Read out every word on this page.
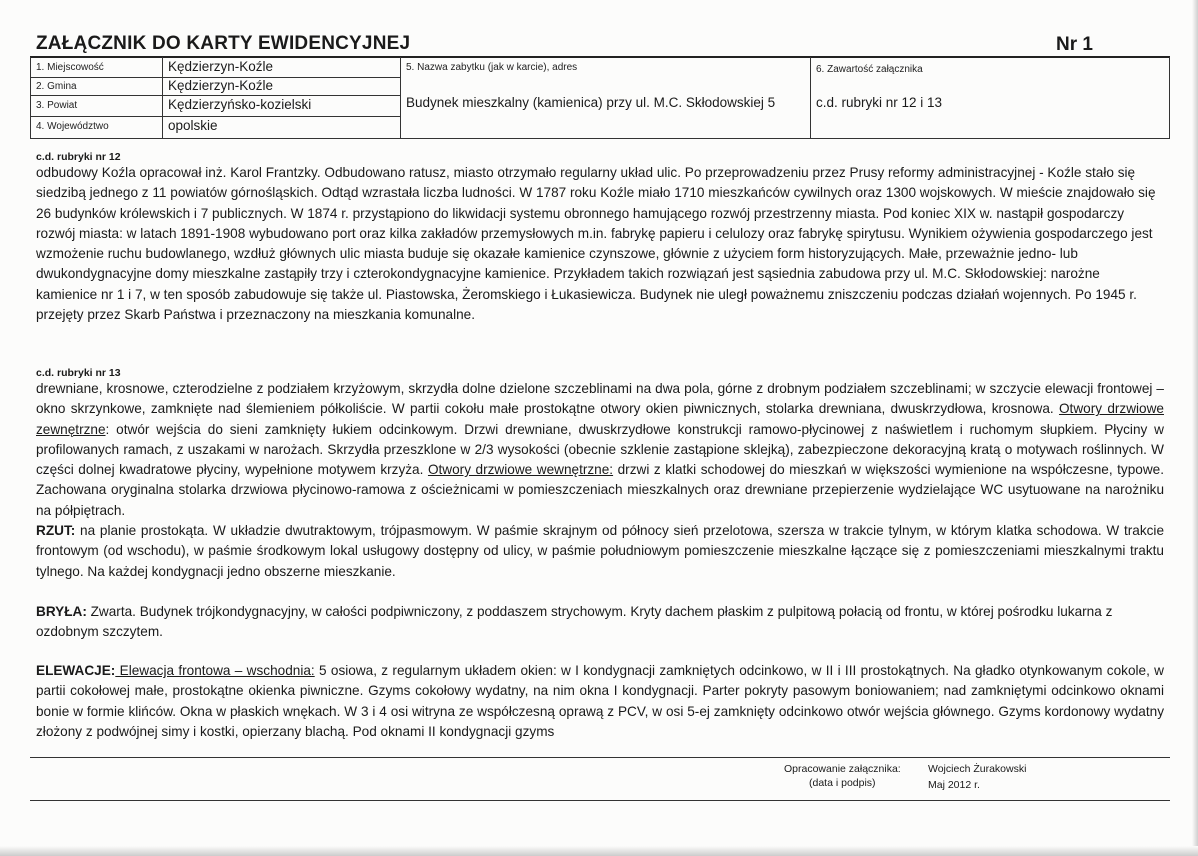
ZAŁĄCZNIK DO KARTY EWIDENCYJNEJ	Nr 1
1. Miejscowość	Kędzierzyn-Koźle
2. Gmina	Kędzierzyn-Koźle
3. Powiat	Kędzierzyńsko-kozielski
4. Województwo	opolskie
5. Nazwa zabytku (jak w karcie), adres
Budynek mieszkalny (kamienica) przy ul. M.C. Skłodowskiej 5
6. Zawartość załącznika
c.d. rubryki nr 12 i 13
c.d. rubryki nr 12

odbudowy Koźla opracował inż. Karol Frantzky. Odbudowano ratusz, miasto otrzymało regularny układ ulic. Po przeprowadzeniu przez Prusy reformy administracyjnej - Koźle stało się siedzibą jednego z 11 powiatów górnośląskich. Odtąd wzrastała liczba ludności. W 1787 roku Koźle miało 1710 mieszkańców cywilnych oraz 1300 wojskowych. W mieście znajdowało się 26 budynków królewskich i 7 publicznych. W 1874 r. przystąpiono do likwidacji systemu obronnego hamującego rozwój przestrzenny miasta. Pod koniec XIX w. nastąpił gospodarczy rozwój miasta: w latach 1891-1908 wybudowano port oraz kilka zakładów przemysłowych m.in. fabrykę papieru i celulozy oraz fabrykę spirytusu. Wynikiem ożywienia gospodarczego jest wzmożenie ruchu budowlanego, wzdłuż głównych ulic miasta buduje się okazałe kamienice czynszowe, głównie z użyciem form historyzujących. Małe, przeważnie jedno- lub dwukondygnacyjne domy mieszkalne zastąpiły trzy i czterokondygnacyjne kamienice. Przykładem takich rozwiązań jest sąsiednia zabudowa przy ul. M.C. Skłodowskiej: narożne kamienice nr 1 i 7, w ten sposób zabudowuje się także ul. Piastowska, Żeromskiego i Łukasiewicza. Budynek nie uległ poważnemu zniszczeniu podczas działań wojennych. Po 1945 r. przejęty przez Skarb Państwa i przeznaczony na mieszkania komunalne.

c.d. rubryki nr 13

drewniane, krosnowe, czterodzielne z podziałem krzyżowym, skrzydła dolne dzielone szczeblinami na dwa pola, górne z drobnym podziałem szczeblinami; w szczycie elewacji frontowej – okno skrzynkowe, zamknięte nad ślemieniem półkoliście. W partii cokołu małe prostokątne otwory okien piwnicznych, stolarka drewniana, dwuskrzydłowa, krosnowa. Otwory drzwiowe zewnętrzne: otwór wejścia do sieni zamknięty łukiem odcinkowym. Drzwi drewniane, dwuskrzydłowe konstrukcji ramowo-płycinowej z naświetlem i ruchomym słupkiem. Płyciny w profilowanych ramach, z uszakami w narożach. Skrzydła przeszklone w 2/3 wysokości (obecnie szklenie zastąpione sklejką), zabezpieczone dekoracyjną kratą o motywach roślinnych. W części dolnej kwadratowe płyciny, wypełnione motywem krzyża. Otwory drzwiowe wewnętrzne: drzwi z klatki schodowej do mieszkań w większości wymienione na współczesne, typowe. Zachowana oryginalna stolarka drzwiowa płycinowo-ramowa z ościeżnicami w pomieszczeniach mieszkalnych oraz drewniane przepierzenie wydzielające WC usytuowane na narożniku na półpiętrach.
RZUT: na planie prostokąta. W układzie dwutraktowym, trójpasmowym. W paśmie skrajnym od północy sień przelotowa, szersza w trakcie tylnym, w którym klatka schodowa. W trakcie frontowym (od wschodu), w paśmie środkowym lokal usługowy dostępny od ulicy, w paśmie południowym pomieszczenie mieszkalne łączące się z pomieszczeniami mieszkalnymi traktu tylnego. Na każdej kondygnacji jedno obszerne mieszkanie.

BRYŁA: Zwarta. Budynek trójkondygnacyjny, w całości podpiwniczony, z poddaszem strychowym. Kryty dachem płaskim z pulpitową połacią od frontu, w której pośrodku lukarna z ozdobnym szczytem.

ELEWACJE: Elewacja frontowa – wschodnia: 5 osiowa, z regularnym układem okien: w I kondygnacji zamkniętych odcinkowo, w II i III prostokątnych. Na gładko otynkowanym cokole, w partii cokołowej małe, prostokątne okienka piwniczne. Gzyms cokołowy wydatny, na nim okna I kondygnacji. Parter pokryty pasowym boniowaniem; nad zamkniętymi odcinkowo oknami bonie w formie klińców. Okna w płaskich wnękach. W 3 i 4 osi witryna ze współczesną oprawą z PCV, w osi 5-ej zamknięty odcinkowo otwór wejścia głównego. Gzyms kordonowy wydatny złożony z podwójnej simy i kostki, opierzany blachą. Pod oknami II kondygnacji gzyms

Opracowanie załącznika:
(data i podpis)
Wojciech Żurakowski
Maj 2012 r.
